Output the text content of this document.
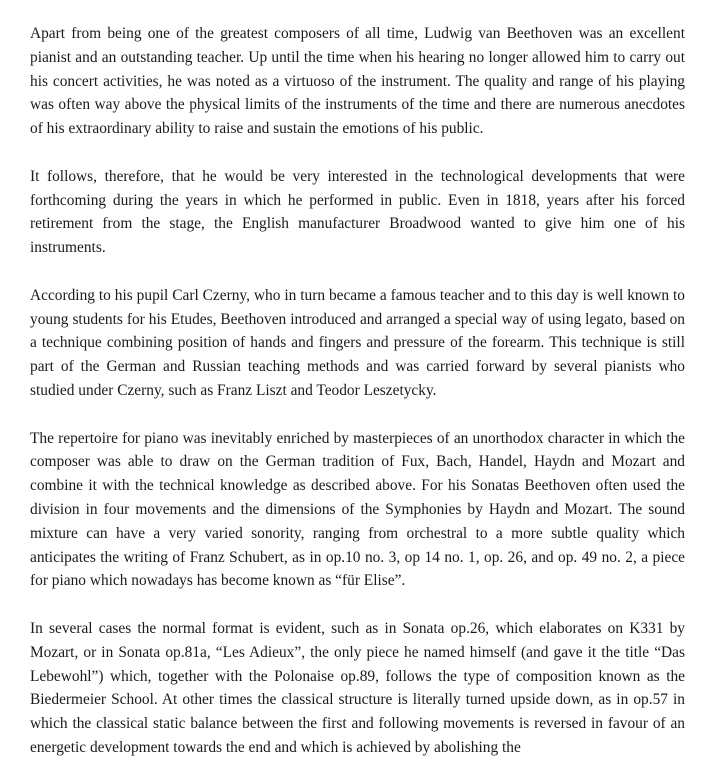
Apart from being one of the greatest composers of all time, Ludwig van Beethoven was an excellent pianist and an outstanding teacher. Up until the time when his hearing no longer allowed him to carry out his concert activities, he was noted as a virtuoso of the instrument. The quality and range of his playing was often way above the physical limits of the instruments of the time and there are numerous anecdotes of his extraordinary ability to raise and sustain the emotions of his public.

It follows, therefore, that he would be very interested in the technological developments that were forthcoming during the years in which he performed in public. Even in 1818, years after his forced retirement from the stage, the English manufacturer Broadwood wanted to give him one of his instruments.

According to his pupil Carl Czerny, who in turn became a famous teacher and to this day is well known to young students for his Etudes, Beethoven introduced and arranged a special way of using legato, based on a technique combining position of hands and fingers and pressure of the forearm. This technique is still part of the German and Russian teaching methods and was carried forward by several pianists who studied under Czerny, such as Franz Liszt and Teodor Leszetycky.

The repertoire for piano was inevitably enriched by masterpieces of an unorthodox character in which the composer was able to draw on the German tradition of Fux, Bach, Handel, Haydn and Mozart and combine it with the technical knowledge as described above. For his Sonatas Beethoven often used the division in four movements and the dimensions of the Symphonies by Haydn and Mozart. The sound mixture can have a very varied sonority, ranging from orchestral to a more subtle quality which anticipates the writing of Franz Schubert, as in op.10 no. 3, op 14 no. 1, op. 26, and op. 49 no. 2, a piece for piano which nowadays has become known as “für Elise”.

In several cases the normal format is evident, such as in Sonata op.26, which elaborates on K331 by Mozart, or in Sonata op.81a, “Les Adieux”, the only piece he named himself (and gave it the title “Das Lebewohl”) which, together with the Polonaise op.89, follows the type of composition known as the Biedermeier School. At other times the classical structure is literally turned upside down, as in op.57 in which the classical static balance between the first and following movements is reversed in favour of an energetic development towards the end and which is achieved by abolishing the
